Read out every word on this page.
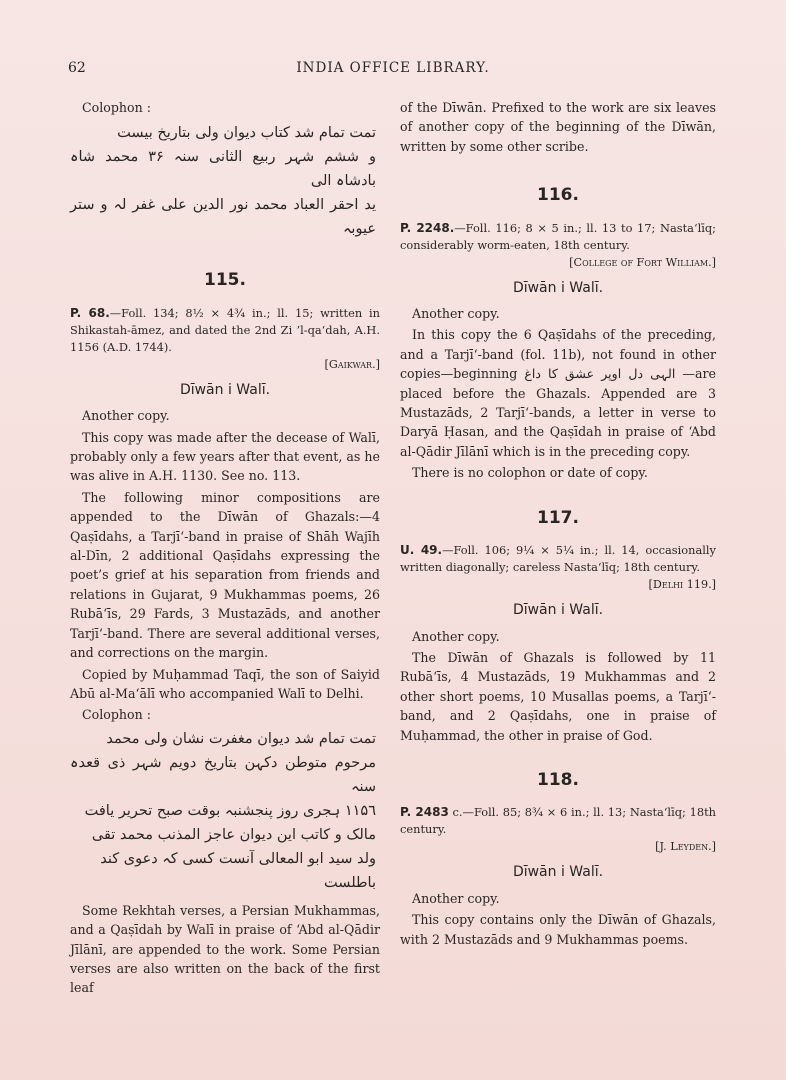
62	INDIA OFFICE LIBRARY.

Colophon :

تمت تمام شد کتاب دیوان ولی بتاریخ بیست

و ششم شہر ربیع الثانی سنہ ۳۶ محمد شاہ بادشاہ الی

ید احقر العباد محمد نور الدین علی غفر لہ و ستر عیوبہ

115.

P. 68.—Foll. 134; 8½ × 4¾ in.; ll. 15; written in Shikastah-āmez, and dated the 2nd Zi ’l-qa‘dah, A.H. 1156 (A.D. 1744).

[Gaikwar.]

Dīwān i Walī.

Another copy.

This copy was made after the decease of Walī, probably only a few years after that event, as he was alive in A.H. 1130. See no. 113.

The following minor compositions are appended to the Dīwān of Ghazals:—4 Qaṣīdahs, a Tarjī‘-band in praise of Shāh Wajīh al-Dīn, 2 additional Qaṣīdahs expressing the poet’s grief at his separation from friends and relations in Gujarat, 9 Mukhammas poems, 26 Rubā‘īs, 29 Fards, 3 Mustazāds, and another Tarjī‘-band. There are several additional verses, and corrections on the margin.

Copied by Muḥammad Taqī, the son of Saiyid Abū al-Ma‘ālī who accompanied Walī to Delhi.

Colophon :

تمت تمام شد دیوان مغفرت نشان ولی محمد

مرحوم متوطن دکہن بتاریخ دویم شہر ذی قعدہ سنہ

۱۱۵٦ ہجری روز پنجشنبہ بوقت صبح تحریر یافت

مالک و کاتب این دیوان عاجز المذنب محمد تقی

ولد سید ابو المعالی آنست کسی کہ دعوی کند

باطلست

Some Rekhtah verses, a Persian Mukhammas, and a Qaṣīdah by Walī in praise of ‘Abd al-Qādir Jīlānī, are appended to the work. Some Persian verses are also written on the back of the first leaf

of the Dīwān. Prefixed to the work are six leaves of another copy of the beginning of the Dīwān, written by some other scribe.

116.

P. 2248.—Foll. 116; 8 × 5 in.; ll. 13 to 17; Nasta‘līq; considerably worm-eaten, 18th century.

[College of Fort William.]

Dīwān i Walī.

Another copy.

In this copy the 6 Qaṣīdahs of the preceding, and a Tarjī‘-band (fol. 11b), not found in other copies—beginning الہی دل اوپر عشق کا داغ —are placed before the Ghazals. Appended are 3 Mustazāds, 2 Tarjī‘-bands, a letter in verse to Daryā Ḥasan, and the Qaṣīdah in praise of ‘Abd al-Qādir Jīlānī which is in the preceding copy.

There is no colophon or date of copy.

117.

U. 49.—Foll. 106; 9¼ × 5¼ in.; ll. 14, occasionally written diagonally; careless Nasta‘līq; 18th century.

[Delhi 119.]

Dīwān i Walī.

Another copy.

The Dīwān of Ghazals is followed by 11 Rubā‘īs, 4 Mustazāds, 19 Mukhammas and 2 other short poems, 10 Musallas poems, a Tarjī‘-band, and 2 Qaṣīdahs, one in praise of Muḥammad, the other in praise of God.

118.

P. 2483 c.—Foll. 85; 8¾ × 6 in.; ll. 13; Nasta‘līq; 18th century.

[J. Leyden.]

Dīwān i Walī.

Another copy.

This copy contains only the Dīwān of Ghazals, with 2 Mustazāds and 9 Mukhammas poems.
